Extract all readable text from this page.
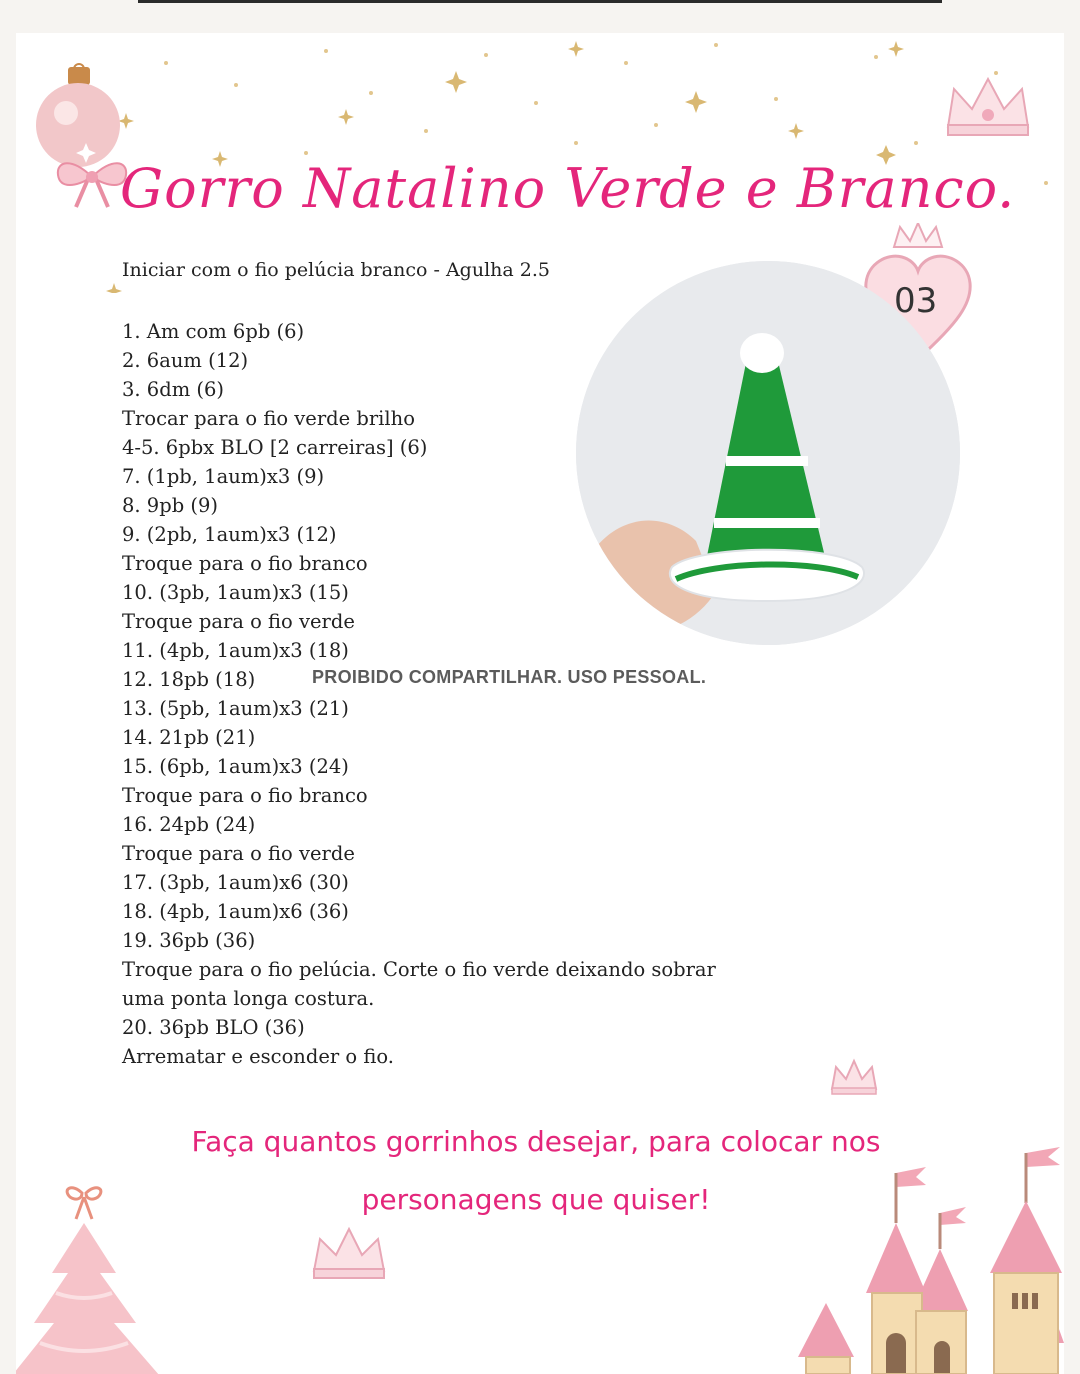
Gorro Natalino Verde e Branco.
03
Iniciar com o fio pelúcia branco - Agulha 2.5
1. Am com 6pb (6)
2. 6aum (12)
3. 6dm (6)
Trocar para o fio verde brilho
4-5. 6pbx BLO [2 carreiras] (6)
7. (1pb, 1aum)x3 (9)
8. 9pb (9)
9. (2pb, 1aum)x3 (12)
Troque para o fio branco
10. (3pb, 1aum)x3 (15)
Troque para o fio verde
11. (4pb, 1aum)x3 (18)
12. 18pb (18)
13. (5pb, 1aum)x3 (21)
14. 21pb (21)
15. (6pb, 1aum)x3 (24)
Troque para o fio branco
16. 24pb (24)
Troque para o fio verde
17. (3pb, 1aum)x6 (30)
18. (4pb, 1aum)x6 (36)
19. 36pb (36)
Troque para o fio pelúcia. Corte o fio verde deixando sobrar
uma ponta longa costura.
20. 36pb BLO (36)
Arrematar e esconder o fio.
PROIBIDO COMPARTILHAR. USO PESSOAL.
Faça quantos gorrinhos desejar, para colocar nos
personagens que quiser!
